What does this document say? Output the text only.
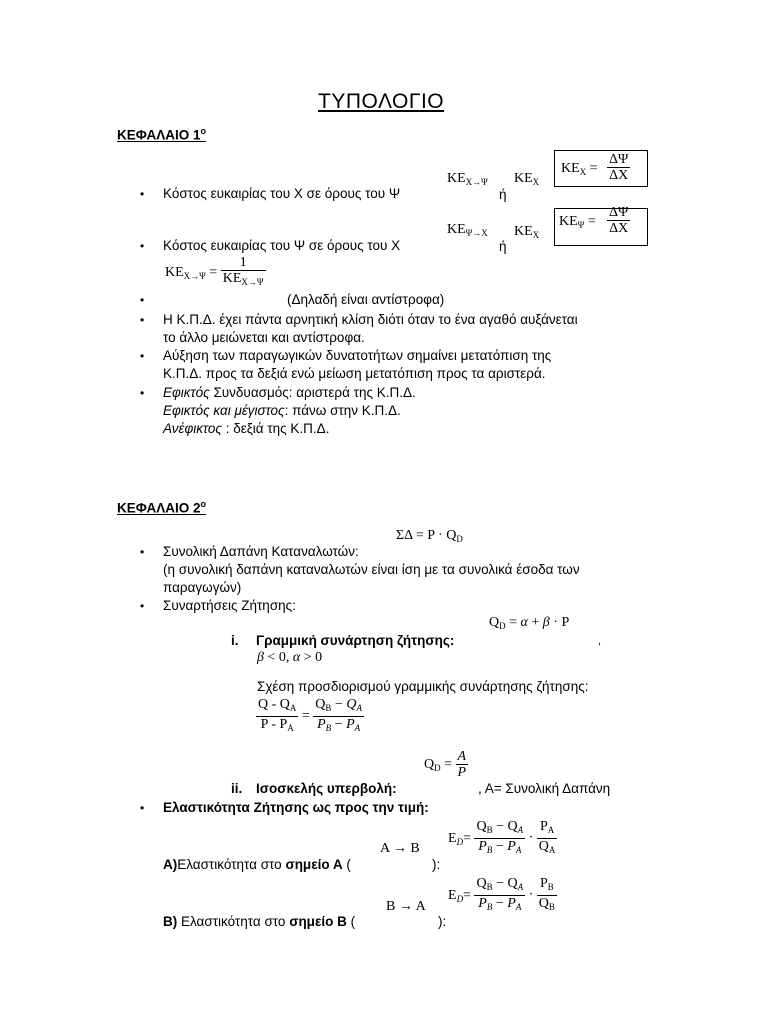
ΤΥΠΟΛΟΓΙΟ
ΚΕΦΑΛΑΙΟ $1^o$
$KE_X = \frac{\Delta\Psi}{\Delta X}$
$KE_{X\to\Psi}$ $KE_X$
• Κόστος ευκαιρίας του Χ σε όρους του Ψ	ή
$KE_\Psi = \frac{\Delta\Psi}{\Delta X}$
$KE_{\Psi\to X}$ $KE_X$
• Κόστος ευκαιρίας του Ψ σε όρους του Χ	ή
$KE_{X\to\Psi} = \frac{1}{KE_{X\to\Psi}}$
•	(Δηλαδή είναι αντίστροφα)
• Η Κ.Π.Δ. έχει πάντα αρνητική κλίση διότι όταν το ένα αγαθό αυξάνεται
το άλλο μειώνεται και αντίστροφα.
• Αύξηση των παραγωγικών δυνατοτήτων σημαίνει μετατόπιση της
Κ.Π.Δ. προς τα δεξιά ενώ μείωση μετατόπιση προς τα αριστερά.
• Εφικτός Συνδυασμός: αριστερά της Κ.Π.Δ.
Εφικτός και μέγιστος: πάνω στην Κ.Π.Δ.
Ανέφικτος : δεξιά της Κ.Π.Δ.
ΚΕΦΑΛΑΙΟ $2^o$
$\Sigma\Delta = P \cdot Q_D$
• Συνολική Δαπάνη Καταναλωτών:
(η συνολική δαπάνη καταναλωτών είναι ίση με τα συνολικά έσοδα των
παραγωγών)
• Συναρτήσεις Ζήτησης:
$Q_D = \alpha + \beta \cdot P$
i. Γραμμική συνάρτηση ζήτησης:	,
β < 0, α > 0
Σχέση προσδιορισμού γραμμικής συνάρτησης ζήτησης:
$\frac{Q - Q_A}{P - P_A} = \frac{Q_B - Q_A}{P_B - P_A}$
$Q_D = \frac{A}{P}$
ii. Ισοσκελής υπερβολή:	, Α= Συνολική Δαπάνη
• Ελαστικότητα Ζήτησης ως προς την τιμή:
$E_D= \frac{Q_B - Q_A}{P_B - P_A} \cdot \frac{P_A}{Q_A}$
A → B
Α)Ελαστικότητα στο σημείο Α (	):
$E_D= \frac{Q_B - Q_A}{P_B - P_A} \cdot \frac{P_B}{Q_B}$
B → A
Β) Ελαστικότητα στο σημείο Β (	):
